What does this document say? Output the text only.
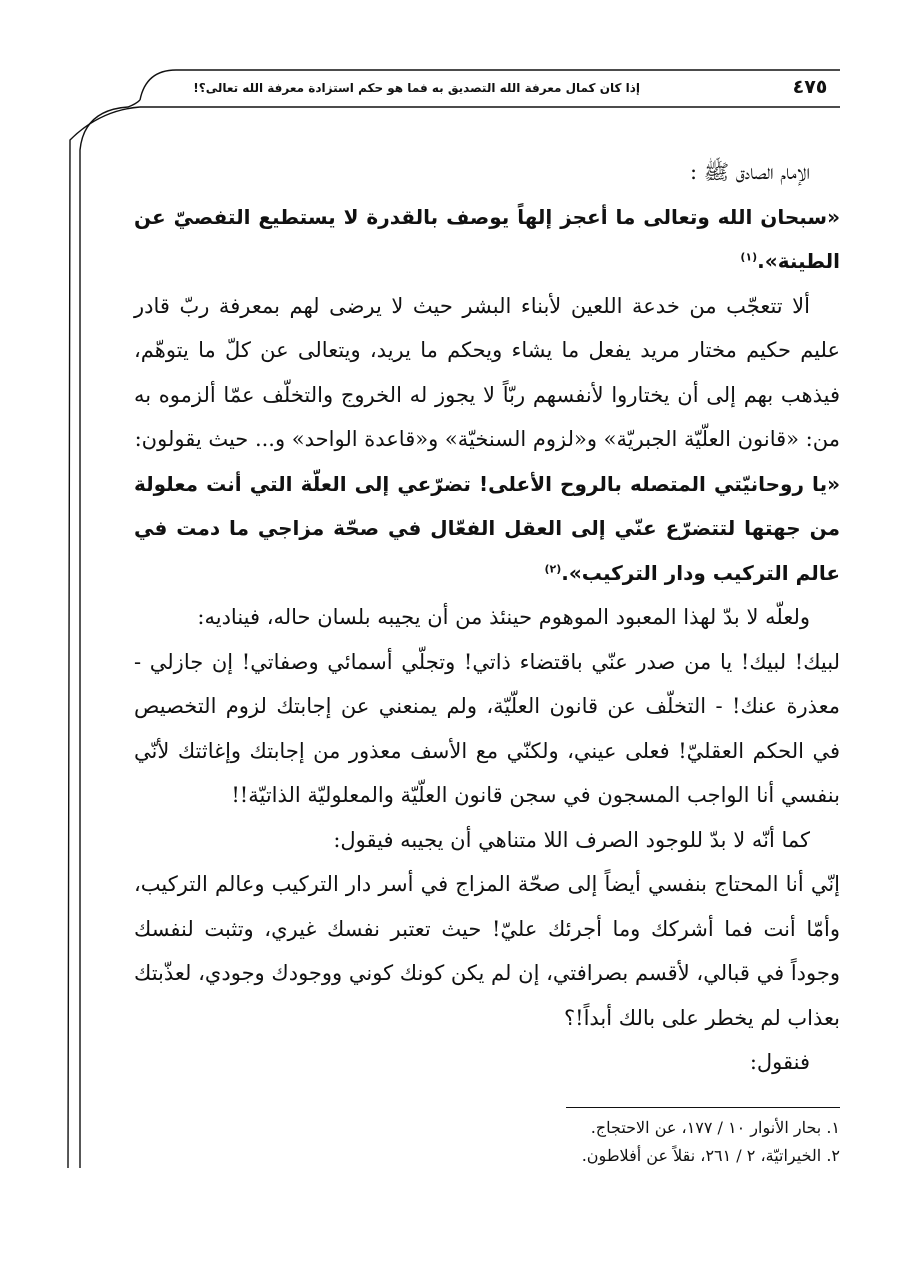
إذا كان كمال معرفة الله التصديق به فما هو حكم استزادة معرفة الله تعالى؟!	٤٧٥

الإمام الصادق ﷺ :

«سبحان الله وتعالى ما أعجز إلهاً يوصف بالقدرة لا يستطيع التفصيّ عن الطينة».$^{(١)}$

ألا تتعجّب من خدعة اللعين لأبناء البشر حيث لا يرضى لهم بمعرفة ربّ قادر عليم حكيم مختار مريد يفعل ما يشاء ويحكم ما يريد، ويتعالى عن كلّ ما يتوهّم، فيذهب بهم إلى أن يختاروا لأنفسهم ربّاً لا يجوز له الخروج والتخلّف عمّا ألزموه به من: «قانون العلّيّة الجبريّة» و«لزوم السنخيّة» و«قاعدة الواحد» و... حيث يقولون:

«يا روحانيّتي المتصله بالروح الأعلى! تضرّعي إلى العلّة التي أنت معلولة من جهتها لتتضرّع عنّي إلى العقل الفعّال في صحّة مزاجي ما دمت في عالم التركيب ودار التركيب».$^{(٢)}$

ولعلّه لا بدّ لهذا المعبود الموهوم حينئذ من أن يجيبه بلسان حاله، فيناديه:

لبيك! لبيك! يا من صدر عنّي باقتضاء ذاتي! وتجلّي أسمائي وصفاتي! إن جازلي - معذرة عنك! - التخلّف عن قانون العلّيّة، ولم يمنعني عن إجابتك لزوم التخصيص في الحكم العقليّ! فعلى عيني، ولكنّي مع الأسف معذور من إجابتك وإغاثتك لأنّي بنفسي أنا الواجب المسجون في سجن قانون العلّيّة والمعلوليّة الذاتيّة!!

كما أنّه لا بدّ للوجود الصرف اللا متناهي أن يجيبه فيقول:

إنّي أنا المحتاج بنفسي أيضاً إلى صحّة المزاج في أسر دار التركيب وعالم التركيب، وأمّا أنت فما أشركك وما أجرئك عليّ! حيث تعتبر نفسك غيري، وتثبت لنفسك وجوداً في قبالي، لأقسم بصرافتي، إن لم يكن كونك كوني ووجودك وجودي، لعذّبتك بعذاب لم يخطر على بالك أبداً!؟

فنقول:

١. بحار الأنوار ١٠ / ١٧٧، عن الاحتجاج.

٢. الخيراتيّة، ٢ / ٢٦١، نقلاً عن أفلاطون.
